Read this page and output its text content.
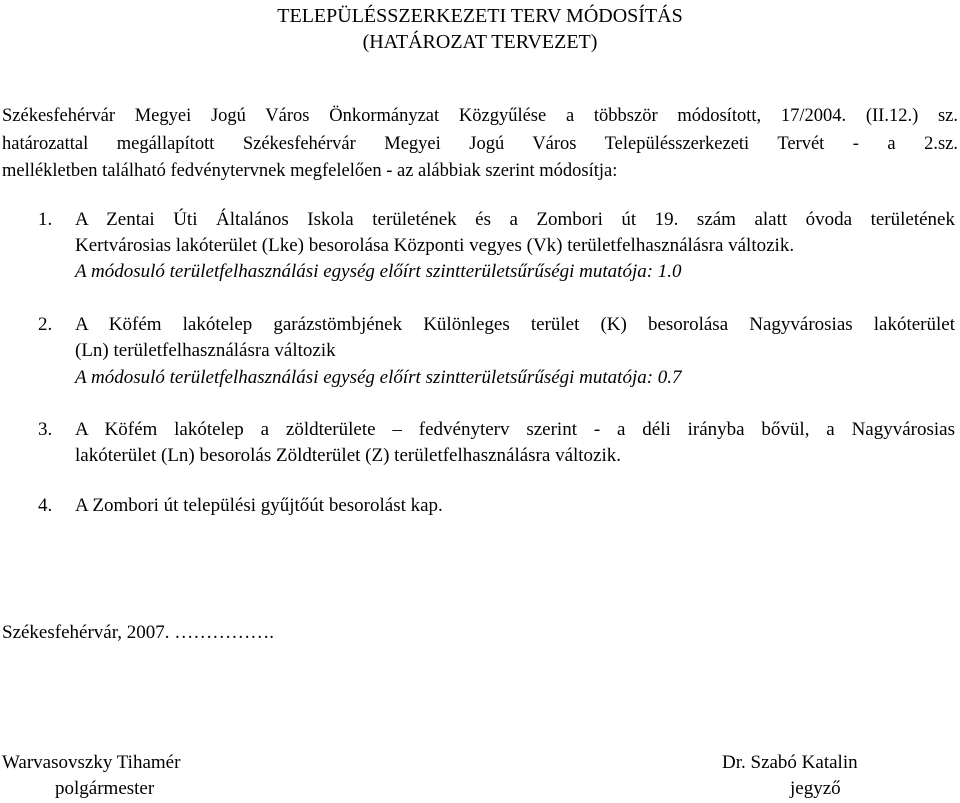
TELEPÜLÉSSZERKEZETI TERV MÓDOSÍTÁS
(HATÁROZAT TERVEZET)
Székesfehérvár Megyei Jogú Város Önkormányzat Közgyűlése a többször módosított, 17/2004. (II.12.) sz.
határozattal megállapított Székesfehérvár Megyei Jogú Város Településszerkezeti Tervét - a 2.sz.
mellékletben található fedvénytervnek megfelelően - az alábbiak szerint módosítja:
1. A Zentai Úti Általános Iskola területének és a Zombori út 19. szám alatt óvoda területének
Kertvárosias lakóterület (Lke) besorolása Központi vegyes (Vk) területfelhasználásra változik.
A módosuló területfelhasználási egység előírt szintterületsűrűségi mutatója: 1.0
2. A Köfém lakótelep garázstömbjének Különleges terület (K) besorolása Nagyvárosias lakóterület
(Ln) területfelhasználásra változik
A módosuló területfelhasználási egység előírt szintterületsűrűségi mutatója: 0.7
3. A Köfém lakótelep a zöldterülete – fedvényterv szerint - a déli irányba bővül, a Nagyvárosias
lakóterület (Ln) besorolás Zöldterület (Z) területfelhasználásra változik.
4. A Zombori út települési gyűjtőút besorolást kap.
Székesfehérvár, 2007. …………….
Warvasovszky Tihamér
polgármester
Dr. Szabó Katalin
jegyző
